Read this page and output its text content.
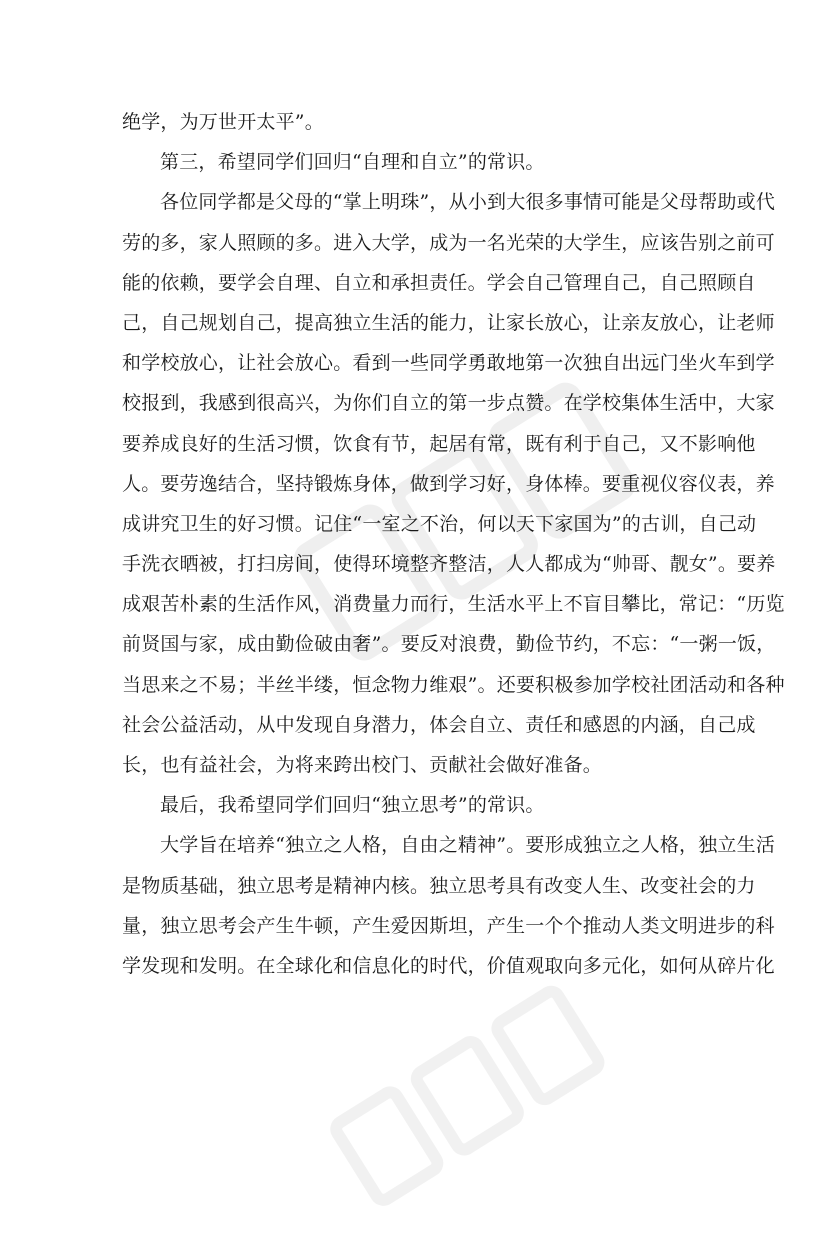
绝学，为万世开太平”。
第三，希望同学们回归“自理和自立”的常识。
各位同学都是父母的“掌上明珠”，从小到大很多事情可能是父母帮助或代
劳的多，家人照顾的多。进入大学，成为一名光荣的大学生，应该告别之前可
能的依赖，要学会自理、自立和承担责任。学会自己管理自己，自己照顾自
己，自己规划自己，提高独立生活的能力，让家长放心，让亲友放心，让老师
和学校放心，让社会放心。看到一些同学勇敢地第一次独自出远门坐火车到学
校报到，我感到很高兴，为你们自立的第一步点赞。在学校集体生活中，大家
要养成良好的生活习惯，饮食有节，起居有常，既有利于自己，又不影响他
人。要劳逸结合，坚持锻炼身体，做到学习好，身体棒。要重视仪容仪表，养
成讲究卫生的好习惯。记住“一室之不治，何以天下家国为”的古训，自己动
手洗衣晒被，打扫房间，使得环境整齐整洁，人人都成为“帅哥、靓女”。要养
成艰苦朴素的生活作风，消费量力而行，生活水平上不盲目攀比，常记：“历览
前贤国与家，成由勤俭破由奢”。要反对浪费，勤俭节约，不忘：“一粥一饭，
当思来之不易；半丝半缕，恒念物力维艰”。还要积极参加学校社团活动和各种
社会公益活动，从中发现自身潜力，体会自立、责任和感恩的内涵，自己成
长，也有益社会，为将来跨出校门、贡献社会做好准备。
最后，我希望同学们回归“独立思考”的常识。
大学旨在培养“独立之人格，自由之精神”。要形成独立之人格，独立生活
是物质基础，独立思考是精神内核。独立思考具有改变人生、改变社会的力
量，独立思考会产生牛顿，产生爱因斯坦，产生一个个推动人类文明进步的科
学发现和发明。在全球化和信息化的时代，价值观取向多元化，如何从碎片化
